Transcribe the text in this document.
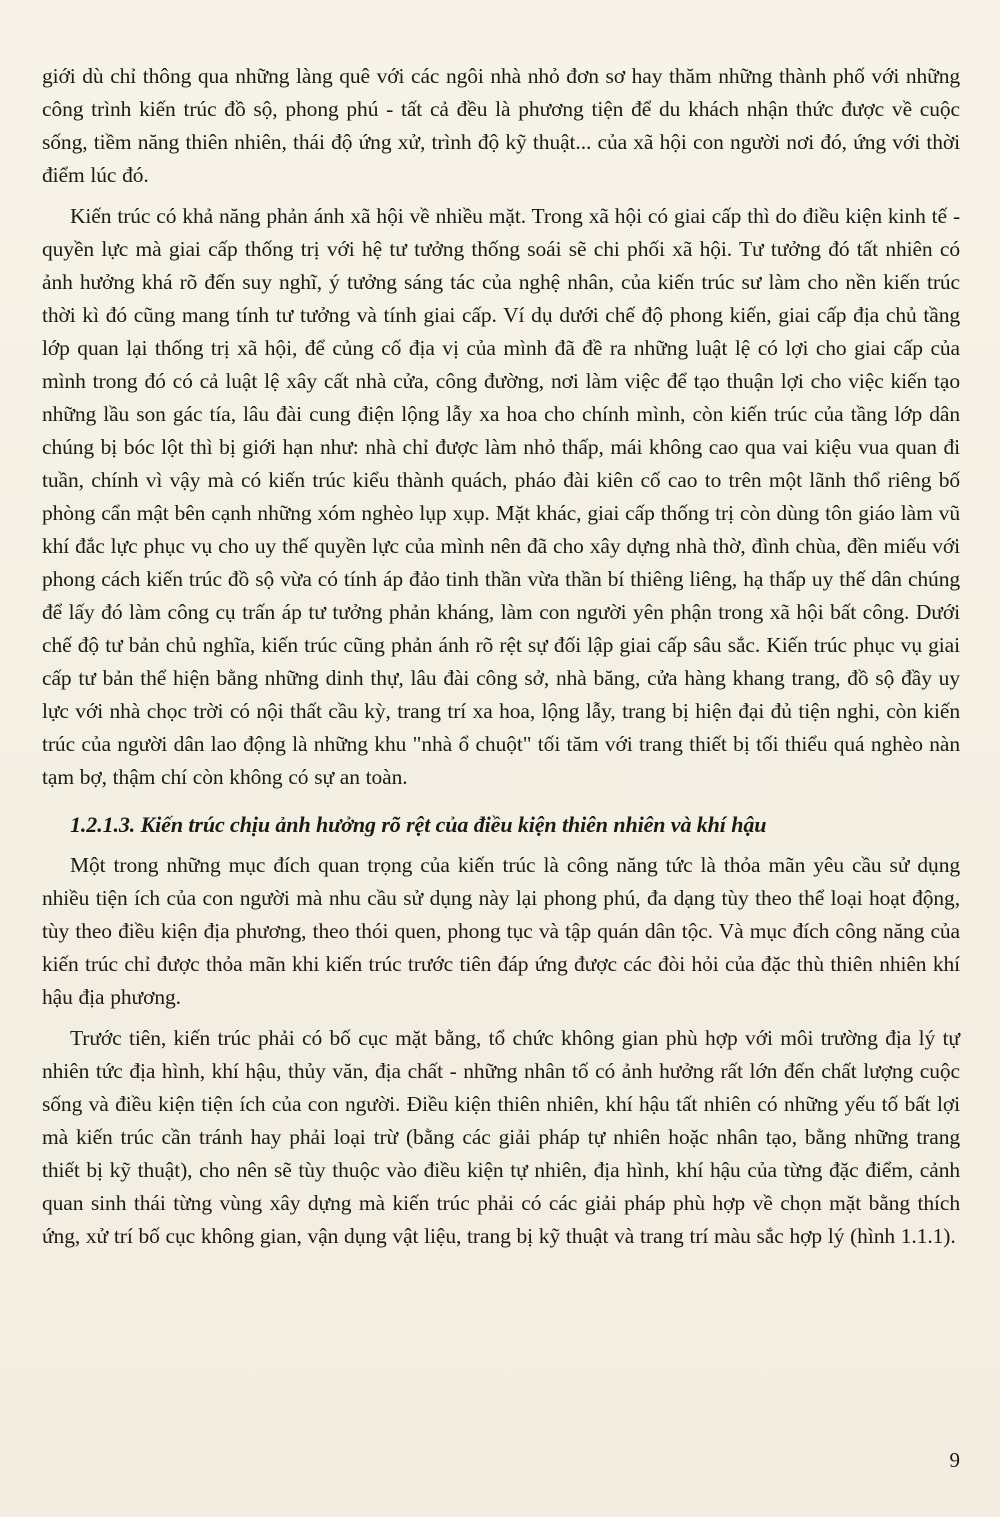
giới dù chỉ thông qua những làng quê với các ngôi nhà nhỏ đơn sơ hay thăm những thành phố với những công trình kiến trúc đồ sộ, phong phú - tất cả đều là phương tiện để du khách nhận thức được về cuộc sống, tiềm năng thiên nhiên, thái độ ứng xử, trình độ kỹ thuật... của xã hội con người nơi đó, ứng với thời điểm lúc đó.

Kiến trúc có khả năng phản ánh xã hội về nhiều mặt. Trong xã hội có giai cấp thì do điều kiện kinh tế - quyền lực mà giai cấp thống trị với hệ tư tưởng thống soái sẽ chi phối xã hội. Tư tưởng đó tất nhiên có ảnh hưởng khá rõ đến suy nghĩ, ý tưởng sáng tác của nghệ nhân, của kiến trúc sư làm cho nền kiến trúc thời kì đó cũng mang tính tư tưởng và tính giai cấp. Ví dụ dưới chế độ phong kiến, giai cấp địa chủ tầng lớp quan lại thống trị xã hội, để củng cố địa vị của mình đã đề ra những luật lệ có lợi cho giai cấp của mình trong đó có cả luật lệ xây cất nhà cửa, công đường, nơi làm việc để tạo thuận lợi cho việc kiến tạo những lầu son gác tía, lâu đài cung điện lộng lẫy xa hoa cho chính mình, còn kiến trúc của tầng lớp dân chúng bị bóc lột thì bị giới hạn như: nhà chỉ được làm nhỏ thấp, mái không cao qua vai kiệu vua quan đi tuần, chính vì vậy mà có kiến trúc kiểu thành quách, pháo đài kiên cố cao to trên một lãnh thổ riêng bố phòng cẩn mật bên cạnh những xóm nghèo lụp xụp. Mặt khác, giai cấp thống trị còn dùng tôn giáo làm vũ khí đắc lực phục vụ cho uy thế quyền lực của mình nên đã cho xây dựng nhà thờ, đình chùa, đền miếu với phong cách kiến trúc đồ sộ vừa có tính áp đảo tinh thần vừa thần bí thiêng liêng, hạ thấp uy thế dân chúng để lấy đó làm công cụ trấn áp tư tưởng phản kháng, làm con người yên phận trong xã hội bất công. Dưới chế độ tư bản chủ nghĩa, kiến trúc cũng phản ánh rõ rệt sự đối lập giai cấp sâu sắc. Kiến trúc phục vụ giai cấp tư bản thể hiện bằng những dinh thự, lâu đài công sở, nhà băng, cửa hàng khang trang, đồ sộ đầy uy lực với nhà chọc trời có nội thất cầu kỳ, trang trí xa hoa, lộng lẫy, trang bị hiện đại đủ tiện nghi, còn kiến trúc của người dân lao động là những khu "nhà ổ chuột" tối tăm với trang thiết bị tối thiểu quá nghèo nàn tạm bợ, thậm chí còn không có sự an toàn.

1.2.1.3. Kiến trúc chịu ảnh hưởng rõ rệt của điều kiện thiên nhiên và khí hậu

Một trong những mục đích quan trọng của kiến trúc là công năng tức là thỏa mãn yêu cầu sử dụng nhiều tiện ích của con người mà nhu cầu sử dụng này lại phong phú, đa dạng tùy theo thể loại hoạt động, tùy theo điều kiện địa phương, theo thói quen, phong tục và tập quán dân tộc. Và mục đích công năng của kiến trúc chỉ được thỏa mãn khi kiến trúc trước tiên đáp ứng được các đòi hỏi của đặc thù thiên nhiên khí hậu địa phương.

Trước tiên, kiến trúc phải có bố cục mặt bằng, tổ chức không gian phù hợp với môi trường địa lý tự nhiên tức địa hình, khí hậu, thủy văn, địa chất - những nhân tố có ảnh hưởng rất lớn đến chất lượng cuộc sống và điều kiện tiện ích của con người. Điều kiện thiên nhiên, khí hậu tất nhiên có những yếu tố bất lợi mà kiến trúc cần tránh hay phải loại trừ (bằng các giải pháp tự nhiên hoặc nhân tạo, bằng những trang thiết bị kỹ thuật), cho nên sẽ tùy thuộc vào điều kiện tự nhiên, địa hình, khí hậu của từng đặc điểm, cảnh quan sinh thái từng vùng xây dựng mà kiến trúc phải có các giải pháp phù hợp về chọn mặt bằng thích ứng, xử trí bố cục không gian, vận dụng vật liệu, trang bị kỹ thuật và trang trí màu sắc hợp lý (hình 1.1.1).

9
